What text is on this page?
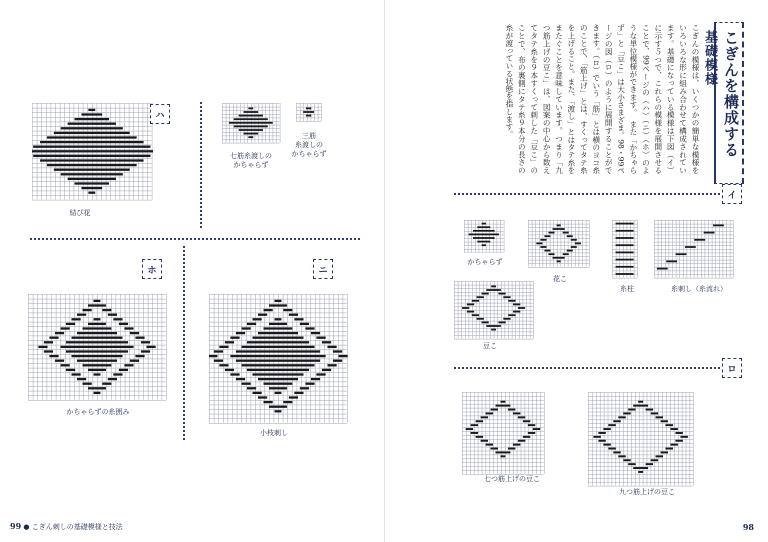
結び花
ハ
七筋糸渡しの
かちゃらず
三筋
糸渡しの
かちゃらず
ホ
かちゃらずの糸囲み
ニ
小枝刺し
99 ● こぎん刺しの基礎模様と技法
こぎんを構成する
基礎模様
こぎんの模様は、いくつかの簡単な模様をいろいろな形に組み合わせて構成されています。基礎になっている模様は下図（イ）に示す５つで、これらの模様を展開させることで、99ページの（ハ）（ニ）（ホ）のような単位模様ができます。　また「かちゃらず」と「豆こ」は大小さまざま。98・99ページの図（ロ）のように展開することができます。（ロ）でいう「筋」とは横のヨコ糸のことで、「筋上げ」とは、すくってタテ糸を上げること。また、「渡し」とはタテ糸をまたぐことを意味しています。つまり「九つ筋上げの豆こ」は、図案の中心から数えてタテ糸を９本すくって刺した「豆こ」のことで、布の裏側にタテ糸９本分の長さの糸が渡っている状態を指します。
イ
かちゃらず
花こ
糸柱	糸刺し（糸流れ）
豆こ
ロ
七つ筋上げの豆こ
九つ筋上げの豆こ
98
